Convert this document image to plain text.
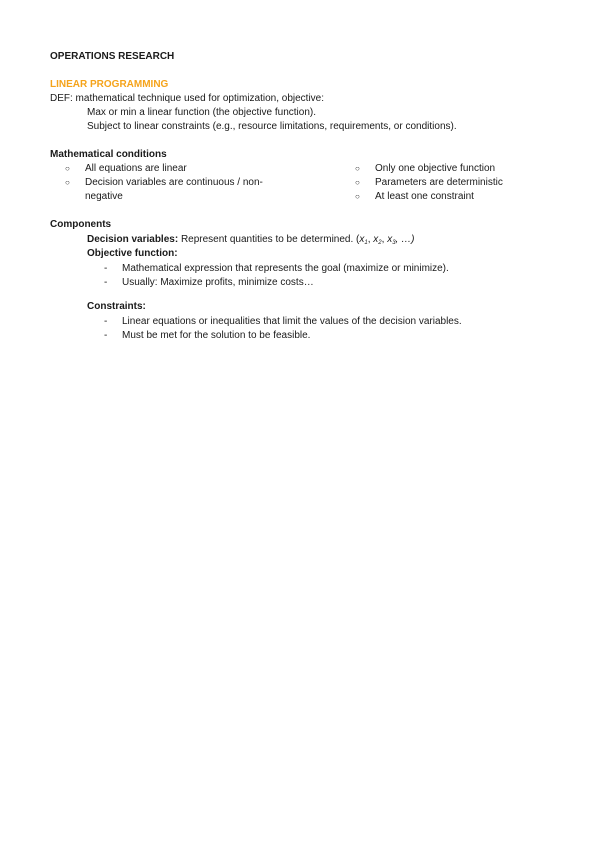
OPERATIONS RESEARCH
LINEAR PROGRAMMING
DEF: mathematical technique used for optimization, objective:
Max or min a linear function (the objective function).
Subject to linear constraints (e.g., resource limitations, requirements, or conditions).
Mathematical conditions
○ All equations are linear
○ Decision variables are continuous / non-negative
○ Only one objective function
○ Parameters are deterministic
○ At least one constraint
Components
Decision variables: Represent quantities to be determined. ($x_1$, $x_2$, $x_3$, …)
Objective function:
- Mathematical expression that represents the goal (maximize or minimize).
- Usually: Maximize profits, minimize costs…
Constraints:
- Linear equations or inequalities that limit the values of the decision variables.
- Must be met for the solution to be feasible.
